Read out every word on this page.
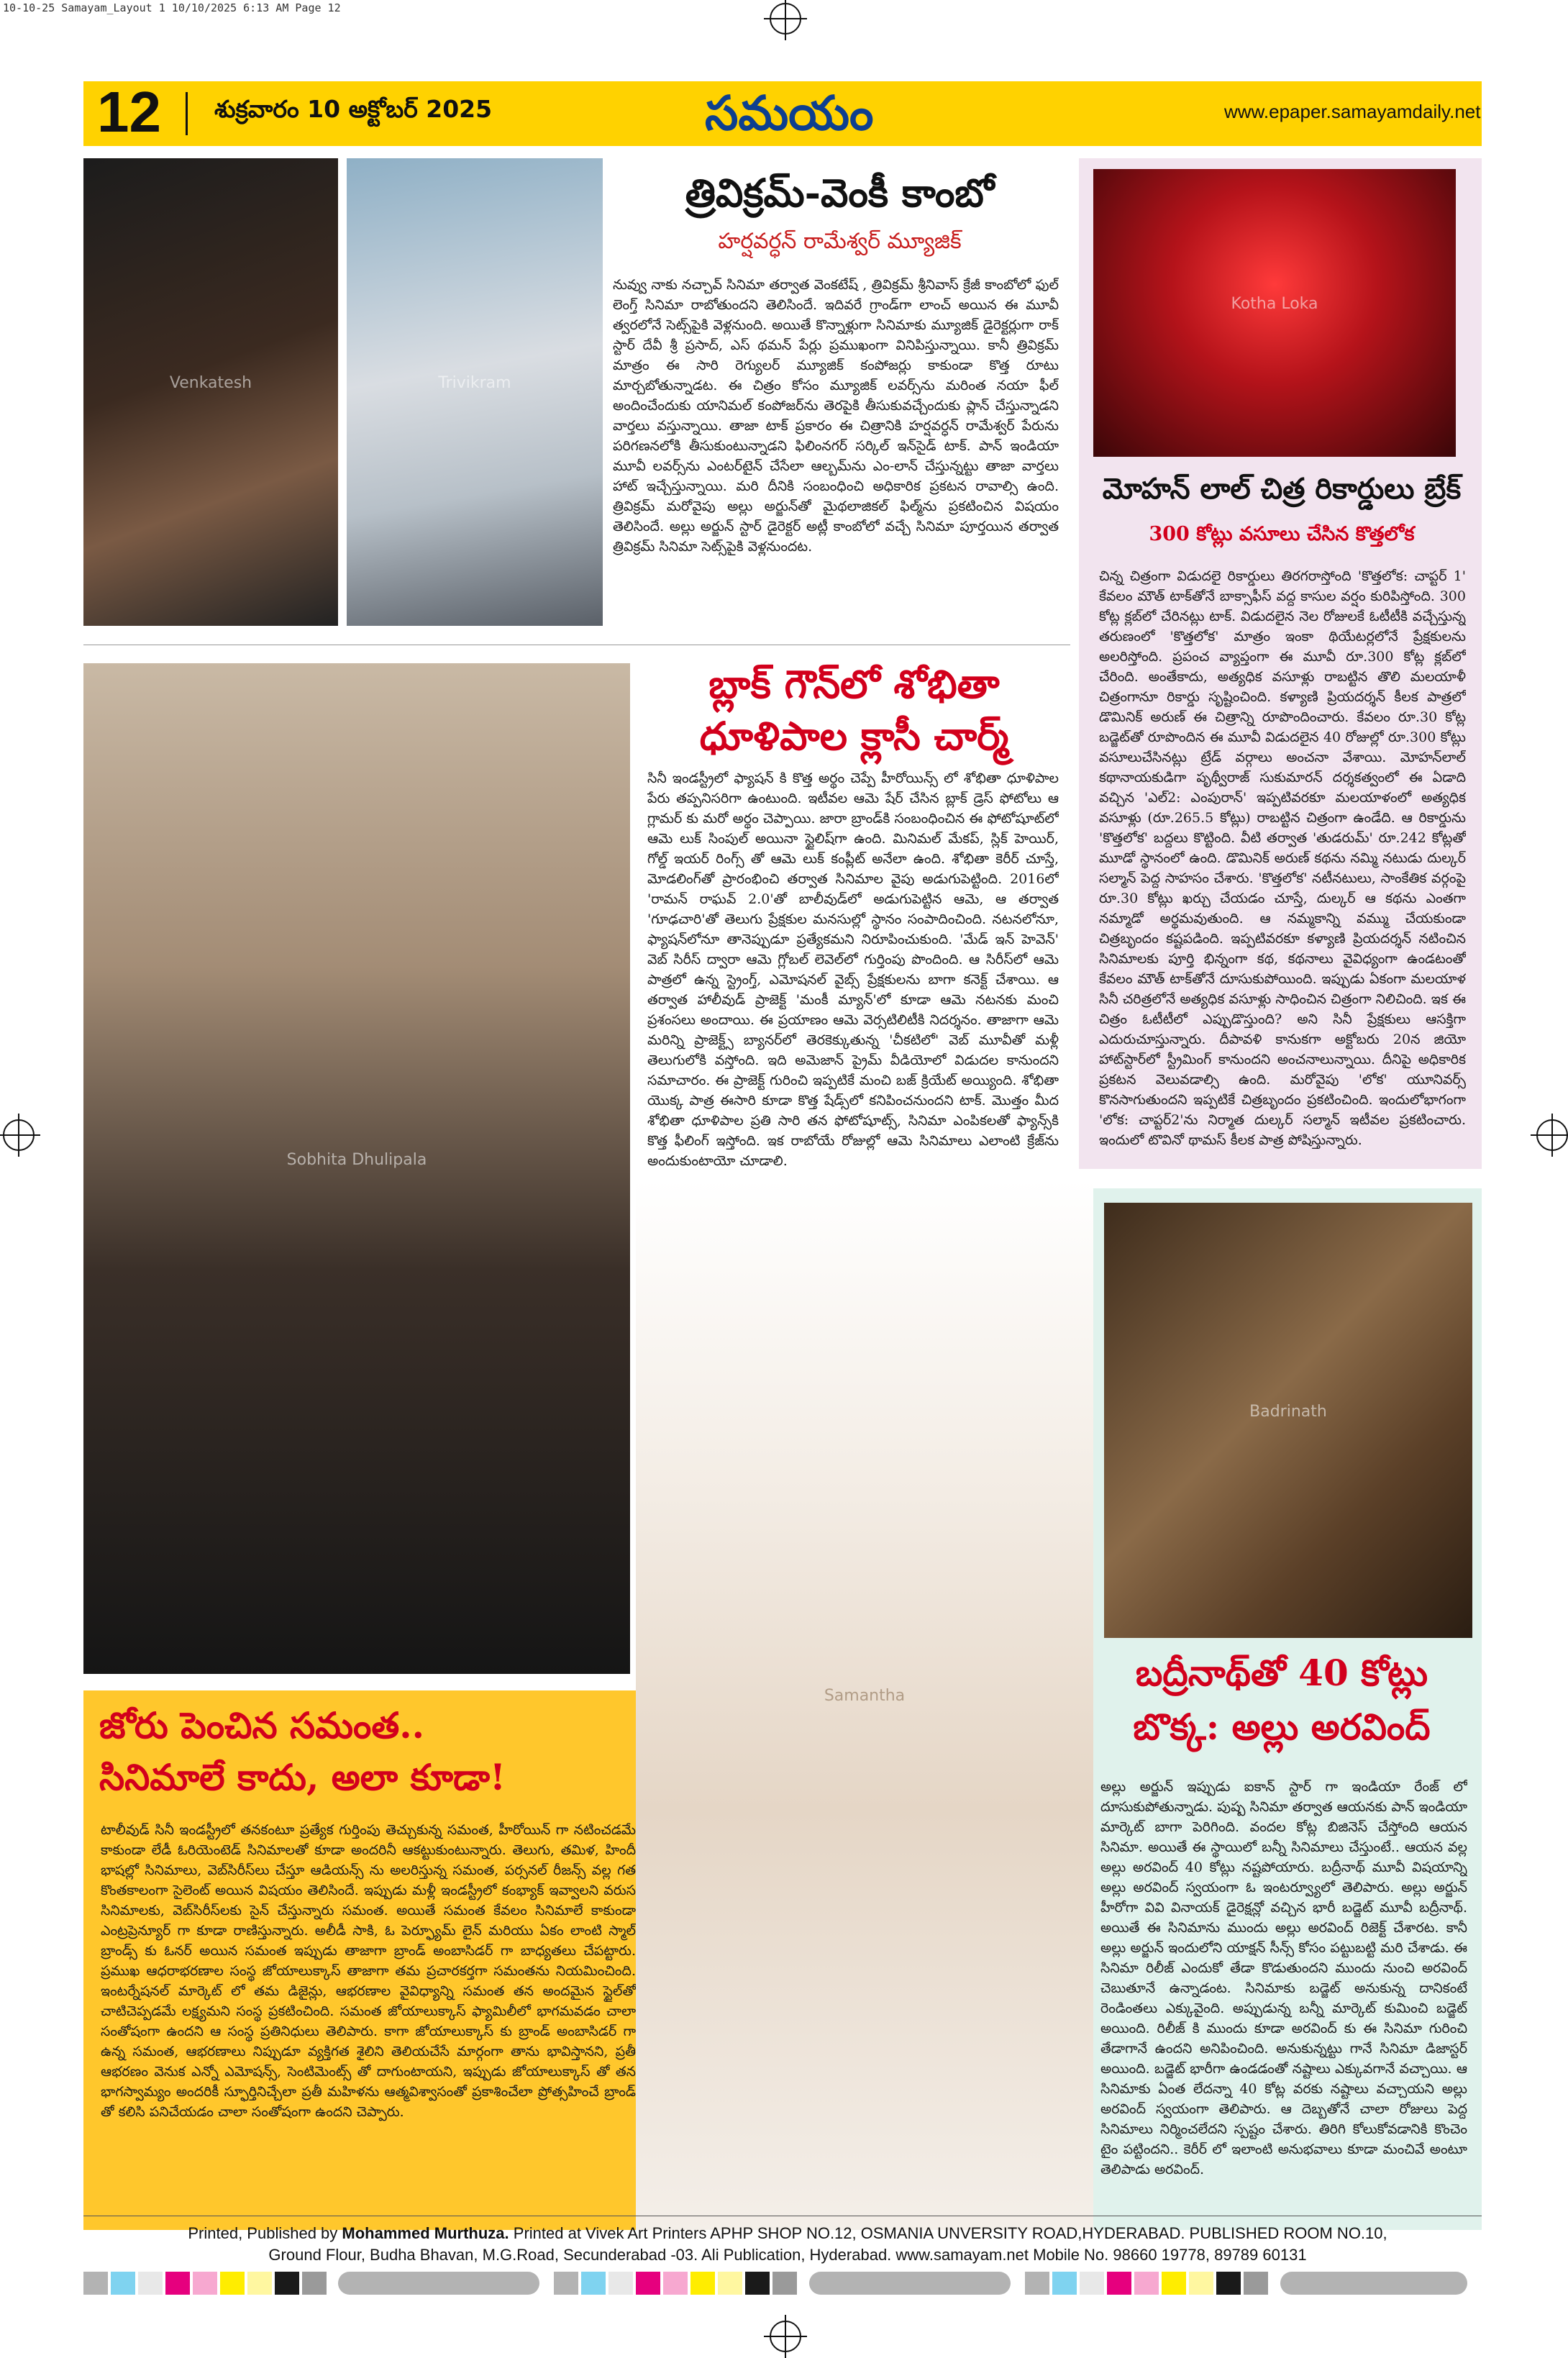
10-10-25 Samayam_Layout 1 10/10/2025 6:13 AM Page 12
12 శుక్రవారం 10 అక్టోబర్ 2025	సమయం	www.epaper.samayamdaily.net
Venkatesh	Trivikram
త్రివిక్రమ్-వెంకీ కాంబో
హర్షవర్ధన్ రామేశ్వర్ మ్యూజిక్
నువ్వు నాకు నచ్చావ్ సినిమా తర్వాత వెంకటేష్ , త్రివిక్రమ్ శ్రీనివాస్ క్రేజీ కాంబోలో ఫుల్ లెంగ్త్ సినిమా రాబోతుందని తెలిసిందే. ఇదివరే గ్రాండ్‌గా లాంచ్ అయిన ఈ మూవీ త్వరలోనే సెట్స్‌పైకి వెళ్లనుంది. అయితే కొన్నాళ్లుగా సినిమాకు మ్యూజిక్ డైరెక్టర్లుగా రాక్ స్టార్ దేవీ శ్రీ ప్రసాద్, ఎస్ థమన్ పేర్లు ప్రముఖంగా వినిపిస్తున్నాయి. కానీ త్రివిక్రమ్ మాత్రం ఈ సారి రెగ్యులర్ మ్యూజిక్ కంపోజర్లు కాకుండా కొత్త రూటు మార్చబోతున్నాడట. ఈ చిత్రం కోసం మ్యూజిక్ లవర్స్‌ను మరింత నయా ఫీల్ అందించేందుకు యానిమల్ కంపోజర్‌ను తెరపైకి తీసుకువచ్చేందుకు ప్లాన్ చేస్తున్నాడని వార్తలు వస్తున్నాయి. తాజా టాక్ ప్రకారం ఈ చిత్రానికి హర్షవర్ధన్ రామేశ్వర్ పేరును పరిగణనలోకి తీసుకుంటున్నాడని ఫిలింనగర్ సర్కిల్ ఇన్‌సైడ్ టాక్. పాన్ ఇండియా మూవీ లవర్స్‌ను ఎంటర్‌టైన్ చేసేలా ఆల్బమ్‌ను ఎం‌-లాన్ చేస్తున్నట్టు తాజా వార్తలు హాట్ ఇచ్చేస్తున్నాయి. మరి దీనికి సంబంధించి అధికారిక ప్రకటన రావాల్సి ఉంది. త్రివిక్రమ్ మరోవైపు అల్లు అర్జున్‌తో మైథలాజికల్ ఫిల్మ్‌ను ప్రకటించిన విషయం తెలిసిందే. అల్లు అర్జున్ స్టార్ డైరెక్టర్ అట్లీ కాంబోలో వచ్చే సినిమా పూర్తయిన తర్వాత త్రివిక్రమ్ సినిమా సెట్స్‌పైకి వెళ్లనుందట.
Kotha Loka
మోహన్ లాల్ చిత్ర రికార్డులు బ్రేక్
300 కోట్లు వసూలు చేసిన కొత్తలోక
చిన్న చిత్రంగా విడుదలై రికార్డులు తిరగరాస్తోంది 'కొత్తలోక: చాప్టర్ 1' కేవలం మౌత్ టాక్‌తోనే బాక్సాఫీస్ వద్ద కాసుల వర్షం కురిపిస్తోంది. 300 కోట్ల క్లబ్‌లో చేరినట్లు టాక్. విడుదలైన నెల రోజులకే ఓటీటీకి వచ్చేస్తున్న తరుణంలో 'కొత్తలోక' మాత్రం ఇంకా థియేటర్లలోనే ప్రేక్షకులను అలరిస్తోంది. ప్రపంచ వ్యాప్తంగా ఈ మూవీ రూ.300 కోట్ల క్లబ్‌లో చేరింది. అంతేకాదు, అత్యధిక వసూళ్లు రాబట్టిన తొలి మలయాళీ చిత్రంగానూ రికార్డు సృష్టించింది. కళ్యాణి ప్రియదర్శన్ కీలక పాత్రలో డొమినిక్ అరుణ్ ఈ చిత్రాన్ని రూపొందించారు. కేవలం రూ.30 కోట్ల బడ్జెట్‌తో రూపొందిన ఈ మూవీ విడుదలైన 40 రోజుల్లో రూ.300 కోట్లు వసూలుచేసినట్లు ట్రేడ్ వర్గాలు అంచనా వేశాయి. మోహన్‌లాల్ కథానాయకుడిగా పృథ్వీరాజ్ సుకుమారన్ దర్శకత్వంలో ఈ ఏడాది వచ్చిన 'ఎల్2: ఎంపురాన్' ఇప్పటివరకూ మలయాళంలో అత్యధిక వసూళ్లు (రూ.265.5 కోట్లు) రాబట్టిన చిత్రంగా ఉండేది. ఆ రికార్డును 'కొత్తలోక' బద్దలు కొట్టింది. వీటి తర్వాత 'తుడరుమ్' రూ.242 కోట్లతో మూడో స్థానంలో ఉంది. డొమినిక్ అరుణ్ కథను నమ్మి నటుడు దుల్కర్ సల్మాన్ పెద్ద సాహసం చేశారు. 'కొత్తలోక' నటీనటులు, సాంకేతిక వర్గంపై రూ.30 కోట్లు ఖర్చు చేయడం చూస్తే, దుల్కర్ ఆ కథను ఎంతగా నమ్మాడో అర్థమవుతుంది. ఆ నమ్మకాన్ని వమ్ము చేయకుండా చిత్రబృందం కష్టపడింది. ఇప్పటివరకూ కళ్యాణి ప్రియదర్శన్ నటించిన సినిమాలకు పూర్తి భిన్నంగా కథ, కథనాలు వైవిధ్యంగా ఉండటంతో కేవలం మౌత్ టాక్‌తోనే దూసుకుపోయింది. ఇప్పుడు ఏకంగా మలయాళ సినీ చరిత్రలోనే అత్యధిక వసూళ్లు సాధించిన చిత్రంగా నిలిచింది. ఇక ఈ చిత్రం ఓటీటీలో ఎప్పుడొస్తుంది? అని సినీ ప్రేక్షకులు ఆసక్తిగా ఎదురుచూస్తున్నారు. దీపావళి కానుకగా అక్టోబరు 20న జియో హాట్‌స్టార్‌లో స్ట్రీమింగ్ కానుందని అంచనాలున్నాయి. దీనిపై అధికారిక ప్రకటన వెలువడాల్సి ఉంది. మరోవైపు 'లోక' యూనివర్స్ కొనసాగుతుందని ఇప్పటికే చిత్రబృందం ప్రకటించింది. ఇందులోభాగంగా 'లోక: చాప్టర్2'ను నిర్మాత దుల్కర్ సల్మాన్ ఇటీవల ప్రకటించారు. ఇందులో టొవినో థామస్ కీలక పాత్ర పోషిస్తున్నారు.
Sobhita Dhulipala
బ్లాక్ గౌన్‌లో శోభితా
ధూళిపాల క్లాసీ చార్మ్
సినీ ఇండస్ట్రీలో ఫ్యాషన్ కి కొత్త అర్థం చెప్పే హీరోయిన్స్ లో శోభితా ధూళిపాల పేరు తప్పనిసరిగా ఉంటుంది. ఇటీవల ఆమె షేర్ చేసిన బ్లాక్ డ్రెస్ ఫోటోలు ఆ గ్లామర్ కు మరో అర్థం చెప్పాయి. జారా బ్రాండ్‌కి సంబంధించిన ఈ ఫోటోషూట్‌లో ఆమె లుక్ సింపుల్ అయినా స్టైలిష్‌గా ఉంది. మినిమల్ మేకప్, స్లిక్ హెయిర్, గోల్డ్ ఇయర్ రింగ్స్ తో ఆమె లుక్ కంప్లీట్ అనేలా ఉంది. శోభితా కెరీర్ చూస్తే, మోడలింగ్‌తో ప్రారంభించి తర్వాత సినిమాల వైపు అడుగుపెట్టింది. 2016లో 'రామన్ రాఘవ్ 2.0'తో బాలీవుడ్‌లో అడుగుపెట్టిన ఆమె, ఆ తర్వాత 'గూఢచారి'తో తెలుగు ప్రేక్షకుల మనసుల్లో స్థానం సంపాదించింది. నటనలోనూ, ఫ్యాషన్‌లోనూ తానెప్పుడూ ప్రత్యేకమని నిరూపించుకుంది. 'మేడ్ ఇన్ హెవెన్' వెబ్ సిరీస్ ద్వారా ఆమె గ్లోబల్ లెవెల్‌లో గుర్తింపు పొందింది. ఆ సిరీస్‌లో ఆమె పాత్రలో ఉన్న స్ట్రెంగ్త్, ఎమోషనల్ వైబ్స్ ప్రేక్షకులను బాగా కనెక్ట్ చేశాయి. ఆ తర్వాత హాలీవుడ్ ప్రాజెక్ట్ 'మంకీ మ్యాన్'లో కూడా ఆమె నటనకు మంచి ప్రశంసలు అందాయి. ఈ ప్రయాణం ఆమె వెర్సటిలిటీకి నిదర్శనం. తాజాగా ఆమె మరిన్ని ప్రాజెక్ట్స్ బ్యానర్‌లో తెరకెక్కుతున్న 'చీకటిలో' వెబ్ మూవీతో మళ్లీ తెలుగులోకి వస్తోంది. ఇది అమెజాన్ ప్రైమ్ వీడియోలో విడుదల కానుందని సమాచారం. ఈ ప్రాజెక్ట్ గురించి ఇప్పటికే మంచి బజ్ క్రియేట్ అయ్యింది. శోభితా యొక్క పాత్ర ఈసారి కూడా కొత్త షేడ్స్‌లో కనిపించనుందని టాక్. మొత్తం మీద శోభితా ధూళిపాల ప్రతి సారి తన ఫోటోషూట్స్, సినిమా ఎంపికలతో ఫ్యాన్స్‌కి కొత్త ఫీలింగ్ ఇస్తోంది. ఇక రాబోయే రోజుల్లో ఆమె సినిమాలు ఎలాంటి క్రేజ్‌ను అందుకుంటాయో చూడాలి.
Samantha
జోరు పెంచిన సమంత..
సినిమాలే కాదు, అలా కూడా!
టాలీవుడ్ సినీ ఇండస్ట్రీలో తనకంటూ ప్రత్యేక గుర్తింపు తెచ్చుకున్న సమంత, హీరోయిన్ గా నటించడమే కాకుండా లేడీ ఓరియెంటెడ్ సినిమాలతో కూడా అందరినీ ఆకట్టుకుంటున్నారు. తెలుగు, తమిళ, హిందీ భాషల్లో సినిమాలు, వెబ్‌సిరీస్‌లు చేస్తూ ఆడియన్స్ ను అలరిస్తున్న సమంత, పర్సనల్ రీజన్స్ వల్ల గత కొంతకాలంగా సైలెంట్ అయిన విషయం తెలిసిందే. ఇప్పుడు మళ్లీ ఇండస్ట్రీలో కంభ్యాక్ ఇవ్వాలని వరుస సినిమాలకు, వెబ్‌సిరీస్‌లకు సైన్ చేస్తున్నారు సమంత. అయితే సమంత కేవలం సినిమాలే కాకుండా ఎంట్రప్రెన్యూర్ గా కూడా రాణిస్తున్నారు. అలీడీ సాకి, ఓ పెర్ఫ్యూమ్ లైన్ మరియు ఏకం లాంటి స్మాల్ బ్రాండ్స్ కు ఓనర్ అయిన సమంత ఇప్పుడు తాజాగా బ్రాండ్ అంబాసిడర్ గా బాధ్యతలు చేపట్టారు. ప్రముఖ ఆధరాభరణాల సంస్థ జోయాలుక్కాస్ తాజాగా తమ ప్రచారకర్తగా సమంతను నియమించింది. ఇంటర్నేషనల్ మార్కెట్ లో తమ డిజైన్లు, ఆభరణాల వైవిధ్యాన్ని సమంత తన అందమైన స్టైల్‌తో చాటిచెప్పడమే లక్ష్యమని సంస్థ ప్రకటించింది. సమంత జోయాలుక్కాస్ ఫ్యామిలీలో భాగమవడం చాలా సంతోషంగా ఉందని ఆ సంస్థ ప్రతినిధులు తెలిపారు. కాగా జోయాలుక్కాస్ కు బ్రాండ్ అంబాసిడర్ గా ఉన్న సమంత, ఆభరణాలు నిప్పుడూ వ్యక్తిగత శైలిని తెలియచేసే మార్గంగా తాను భావిస్తానని, ప్రతీ ఆభరణం వెనుక ఎన్నో ఎమోషన్స్, సెంటిమెంట్స్ తో దాగుంటాయని, ఇప్పుడు జోయాలుక్కాస్ తో తన భాగస్వామ్యం అందరికీ స్ఫూర్తినిచ్చేలా ప్రతీ మహిళను ఆత్మవిశ్వాసంతో ప్రకాశించేలా ప్రోత్సహించే బ్రాండ్ తో కలిసి పనిచేయడం చాలా సంతోషంగా ఉందని చెప్పారు.
Badrinath
బద్రీనాథ్‌తో 40 కోట్లు
బొక్క: అల్లు అరవింద్
అల్లు అర్జున్ ఇప్పుడు ఐకాన్ స్టార్ గా ఇండియా రేంజ్ లో దూసుకుపోతున్నాడు. పుష్ప సినిమా తర్వాత ఆయనకు పాన్ ఇండియా మార్కెట్ బాగా పెరిగింది. వందల కోట్ల బిజినెస్ చేస్తోంది ఆయన సినిమా. అయితే ఈ స్థాయిలో బన్నీ సినిమాలు చేస్తుంటే.. ఆయన వల్ల అల్లు అరవింద్ 40 కోట్లు నష్టపోయారు. బద్రీనాథ్ మూవీ విషయాన్ని అల్లు అరవింద్ స్వయంగా ఓ ఇంటర్వ్యూలో తెలిపారు. అల్లు అర్జున్ హీరోగా వివి వినాయక్ డైరెక్షన్లో వచ్చిన భారీ బడ్జెట్ మూవీ బద్రీనాథ్. అయితే ఈ సినిమాను ముందు అల్లు అరవింద్ రిజెక్ట్ చేశారట. కానీ అల్లు అర్జున్ ఇందులోని యాక్షన్ సీన్స్ కోసం పట్టుబట్టి మరి చేశాడు. ఈ సినిమా రిలీజ్ ఎందుకో తేడా కొడుతుందని ముందు నుంచి అరవింద్ చెబుతూనే ఉన్నాడంట. సినిమాకు బడ్జెట్ అనుకున్న దానికంటే రెండింతలు ఎక్కువైంది. అప్పుడున్న బన్నీ మార్కెట్ కుమించి బడ్జెట్ అయింది. రిలీజ్ కి ముందు కూడా అరవింద్ కు ఈ సినిమా గురించి తేడాగానే ఉందని అనిపించింది. అనుకున్నట్టు గానే సినిమా డిజాస్టర్ అయింది. బడ్జెట్ భారీగా ఉండడంతో నష్టాలు ఎక్కువగానే వచ్చాయి. ఆ సినిమాకు ఏంత లేదన్నా 40 కోట్ల వరకు నష్టాలు వచ్చాయని అల్లు అరవింద్ స్వయంగా తెలిపారు. ఆ దెబ్బతోనే చాలా రోజులు పెద్ద సినిమాలు నిర్మించలేదని స్పష్టం చేశారు. తిరిగి కోలుకోవడానికి కొంచెం టైం పట్టిందని.. కెరీర్ లో ఇలాంటి అనుభవాలు కూడా మంచివే అంటూ తెలిపాడు అరవింద్.
Printed, Published by Mohammed Murthuza. Printed at Vivek Art Printers APHP SHOP NO.12, OSMANIA UNVERSITY ROAD,HYDERABAD. PUBLISHED ROOM NO.10,
Ground Flour, Budha Bhavan, M.G.Road, Secunderabad -03. Ali Publication, Hyderabad. www.samayam.net Mobile No. 98660 19778, 89789 60131
